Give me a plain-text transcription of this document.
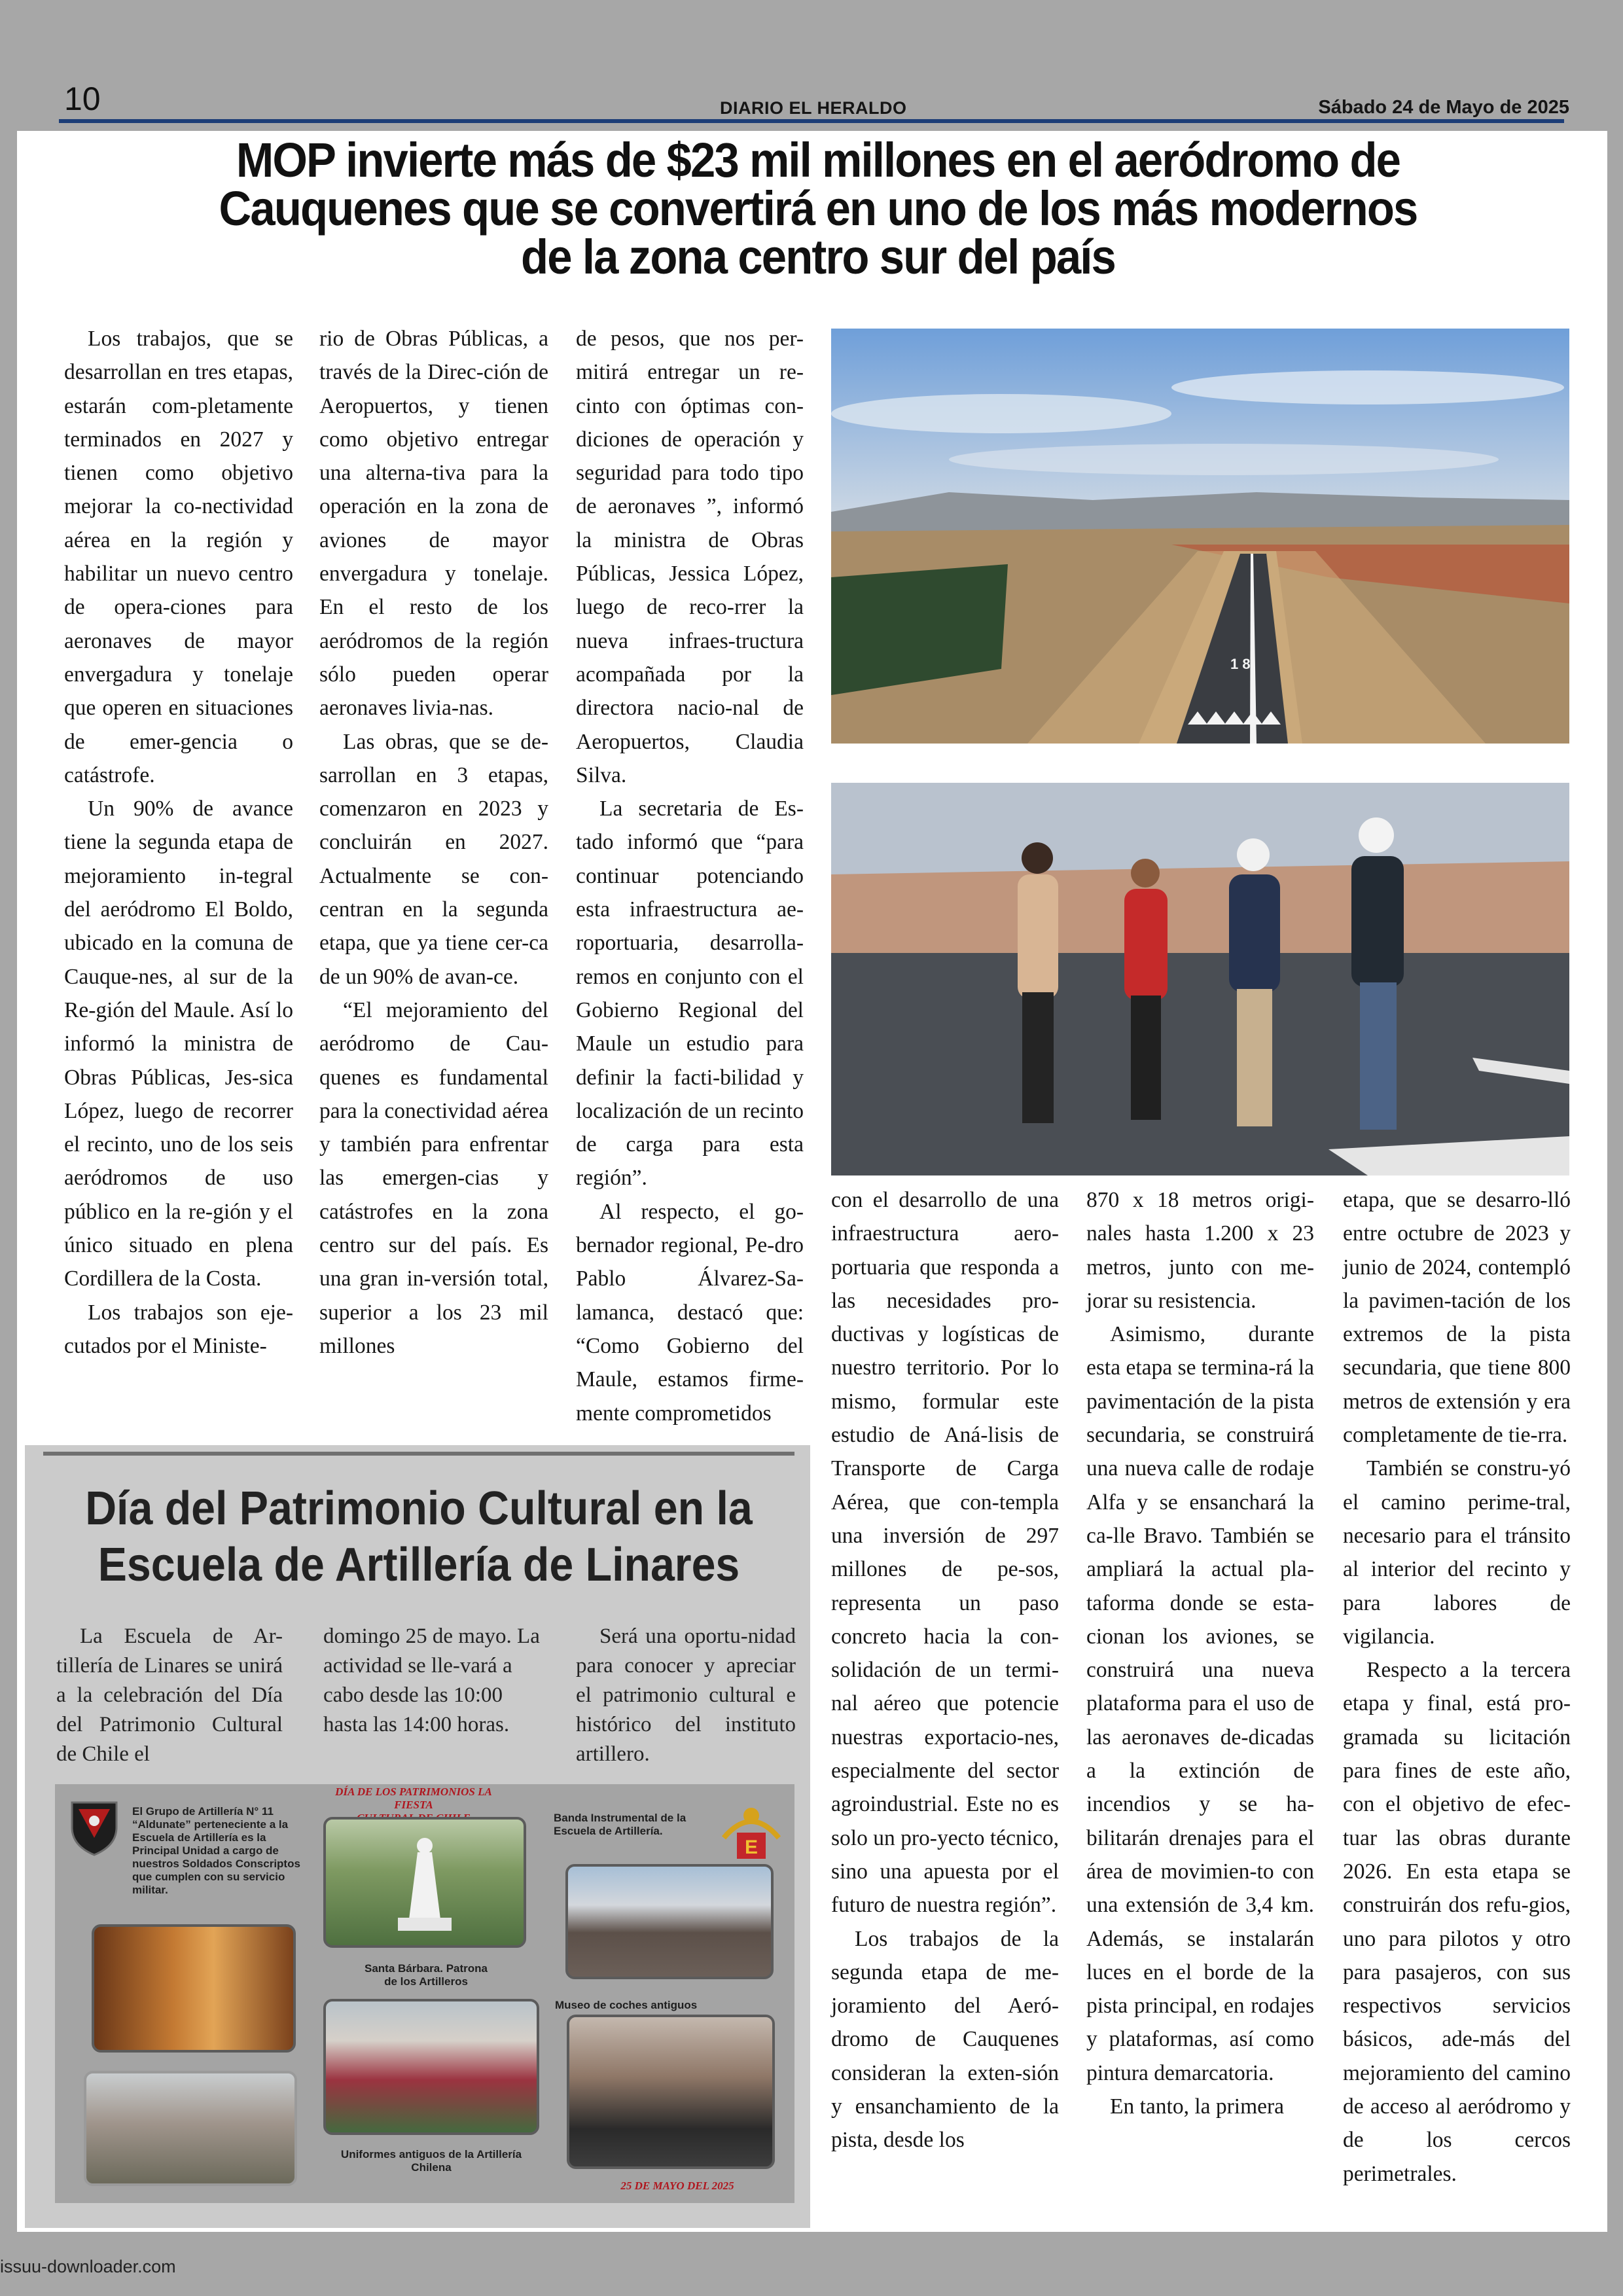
10	DIARIO EL HERALDO	Sábado 24 de Mayo de 2025
MOP invierte más de $23 mil millones en el aeródromo de
Cauquenes que se convertirá en uno de los más modernos
de la zona centro sur del país

Los trabajos, que se desarrollan en tres etapas, estarán com-pletamente terminados en 2027 y tienen como objetivo mejorar la co-nectividad aérea en la región y habilitar un nuevo centro de opera-ciones para aeronaves de mayor envergadura y tonelaje que operen en situaciones de emer-gencia o catástrofe.

Un 90% de avance tiene la segunda etapa de mejoramiento in-tegral del aeródromo El Boldo, ubicado en la comuna de Cauque-nes, al sur de la Re-gión del Maule. Así lo informó la ministra de Obras Públicas, Jes-sica López, luego de recorrer el recinto, uno de los seis aeródromos de uso público en la re-gión y el único situado en plena Cordillera de la Costa.

Los trabajos son eje-cutados por el Ministe-

rio de Obras Públicas, a través de la Direc-ción de Aeropuertos, y tienen como objetivo entregar una alterna-tiva para la operación en la zona de aviones de mayor envergadura y tonelaje. En el resto de los aeródromos de la región sólo pueden operar aeronaves livia-nas.

Las obras, que se de-sarrollan en 3 etapas, comenzaron en 2023 y concluirán en 2027. Actualmente se con-centran en la segunda etapa, que ya tiene cer-ca de un 90% de avan-ce.

“El mejoramiento del aeródromo de Cau-quenes es fundamental para la conectividad aérea y también para enfrentar las emergen-cias y catástrofes en la zona centro sur del país. Es una gran in-versión total, superior a los 23 mil millones

de pesos, que nos per-mitirá entregar un re-cinto con óptimas con-diciones de operación y seguridad para todo tipo de aeronaves ”, informó la ministra de Obras Públicas, Jessica López, luego de reco-rrer la nueva infraes-tructura acompañada por la directora nacio-nal de Aeropuertos, Claudia Silva.

La secretaria de Es-tado informó que “para continuar potenciando esta infraestructura ae-roportuaria, desarrolla-remos en conjunto con el Gobierno Regional del Maule un estudio para definir la facti-bilidad y localización de un recinto de carga para esta región”.

Al respecto, el go-bernador regional, Pe-dro Pablo Álvarez-Sa-lamanca, destacó que: “Como Gobierno del Maule, estamos firme-mente comprometidos

1 8

con el desarrollo de una infraestructura aero-portuaria que responda a las necesidades pro-ductivas y logísticas de nuestro territorio. Por lo mismo, formular este estudio de Aná-lisis de Transporte de Carga Aérea, que con-templa una inversión de 297 millones de pe-sos, representa un paso concreto hacia la con-solidación de un termi-nal aéreo que potencie nuestras exportacio-nes, especialmente del sector agroindustrial. Este no es solo un pro-yecto técnico, sino una apuesta por el futuro de nuestra región”.

Los trabajos de la segunda etapa de me-joramiento del Aeró-dromo de Cauquenes consideran la exten-sión y ensanchamiento de la pista, desde los

870 x 18 metros origi-nales hasta 1.200 x 23 metros, junto con me-jorar su resistencia.

Asimismo, durante esta etapa se termina-rá la pavimentación de la pista secundaria, se construirá una nueva calle de rodaje Alfa y se ensanchará la ca-lle Bravo. También se ampliará la actual pla-taforma donde se esta-cionan los aviones, se construirá una nueva plataforma para el uso de las aeronaves de-dicadas a la extinción de incendios y se ha-bilitarán drenajes para el área de movimien-to con una extensión de 3,4 km. Además, se instalarán luces en el borde de la pista principal, en rodajes y plataformas, así como pintura demarcatoria.

En tanto, la primera

etapa, que se desarro-lló entre octubre de 2023 y junio de 2024, contempló la pavimen-tación de los extremos de la pista secundaria, que tiene 800 metros de extensión y era completamente de tie-rra.

También se constru-yó el camino perime-tral, necesario para el tránsito al interior del recinto y para labores de vigilancia.

Respecto a la tercera etapa y final, está pro-gramada su licitación para fines de este año, con el objetivo de efec-tuar las obras durante 2026. En esta etapa se construirán dos refu-gios, uno para pilotos y otro para pasajeros, con sus respectivos servicios básicos, ade-más del mejoramiento del camino de acceso al aeródromo y de los cercos perimetrales.

Día del Patrimonio Cultural en la
Escuela de Artillería de Linares

La Escuela de Ar-tillería de Linares se unirá a la celebración del Día del Patrimonio Cultural de Chile el

domingo 25 de mayo. La actividad se lle-vará a cabo desde las 10:00 hasta las 14:00 horas.

Será una oportu-nidad para conocer y apreciar el patrimonio cultural e histórico del instituto artillero.

El Grupo de Artillería N° 11 “Aldunate” perteneciente a la Escuela de Artillería es la Principal Unidad a cargo de nuestros Soldados Conscriptos que cumplen con su servicio militar.
DÍA DE LOS PATRIMONIOS LA FIESTA
Santa Bárbara. Patrona de los Artilleros
Banda Instrumental de la Escuela de Artillería.
E
Museo de coches antiguos
Uniformes antiguos de la Artillería Chilena
25 DE MAYO DEL 2025
issuu-downloader.com
